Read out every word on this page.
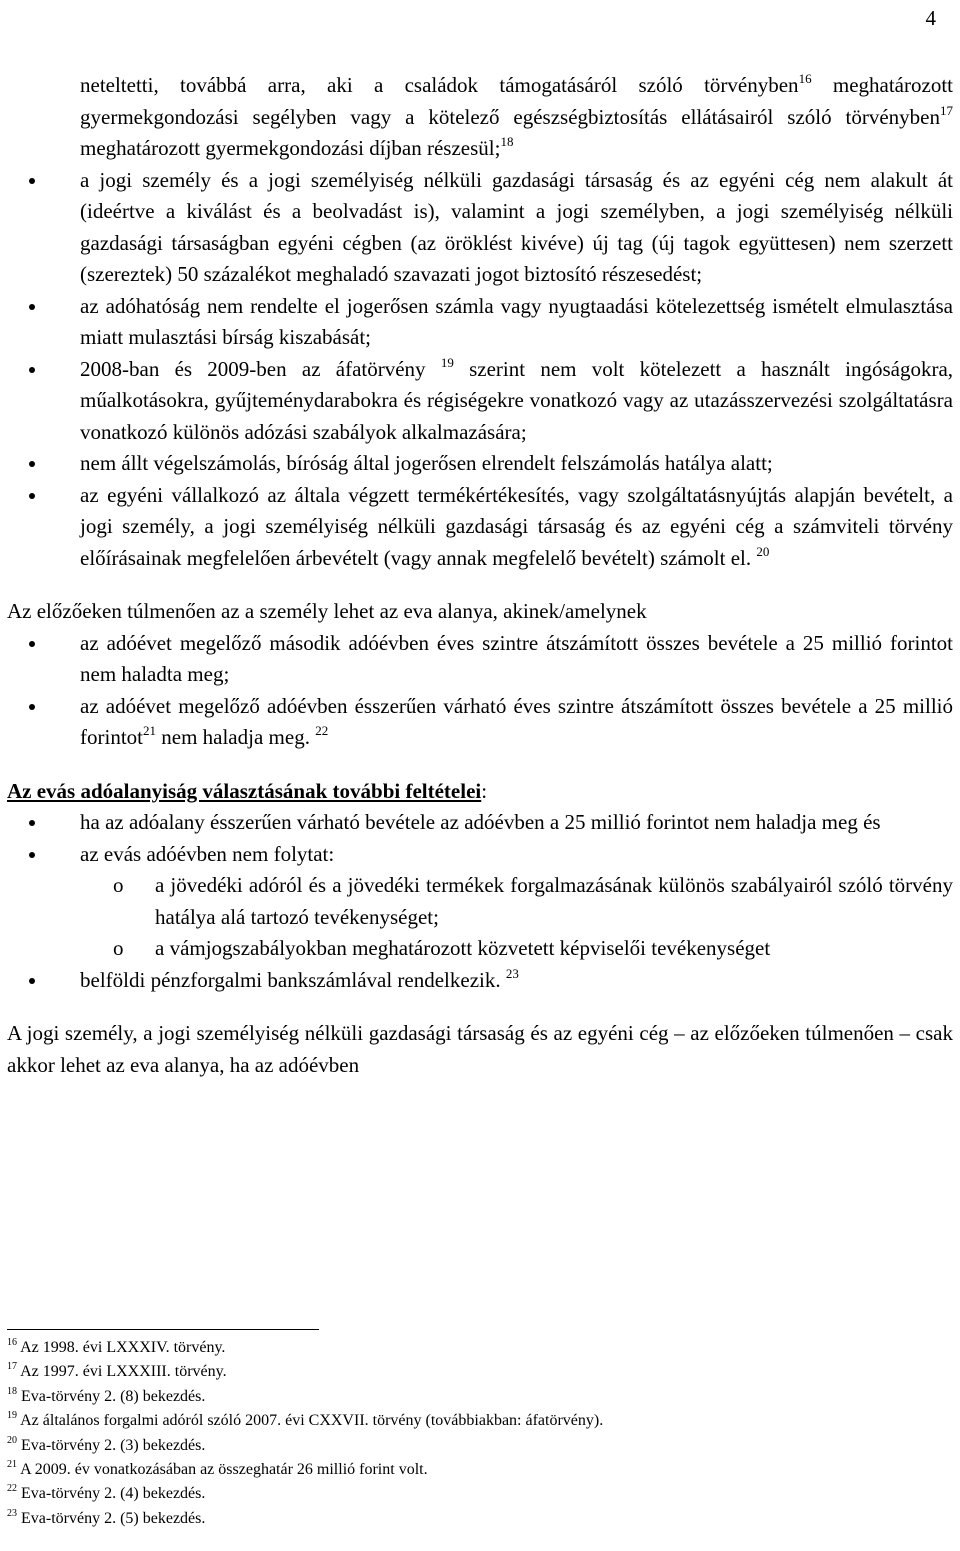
4

neteltetti, továbbá arra, aki a családok támogatásáról szóló törvényben$^{16}$ meghatározott gyermekgondozási segélyben vagy a kötelező egészségbiztosítás ellátásairól szóló törvényben$^{17}$ meghatározott gyermekgondozási díjban részesül;$^{18}$

a jogi személy és a jogi személyiség nélküli gazdasági társaság és az egyéni cég nem alakult át (ideértve a kiválást és a beolvadást is), valamint a jogi személyben, a jogi személyiség nélküli gazdasági társaságban egyéni cégben (az öröklést kivéve) új tag (új tagok együttesen) nem szerzett (szereztek) 50 százalékot meghaladó szavazati jogot biztosító részesedést;
az adóhatóság nem rendelte el jogerősen számla vagy nyugtaadási kötelezettség ismételt elmulasztása miatt mulasztási bírság kiszabását;
2008-ban és 2009-ben az áfatörvény $^{19}$ szerint nem volt kötelezett a használt ingóságokra, műalkotásokra, gyűjteménydarabokra és régiségekre vonatkozó vagy az utazásszervezési szolgáltatásra vonatkozó különös adózási szabályok alkalmazására;
nem állt végelszámolás, bíróság által jogerősen elrendelt felszámolás hatálya alatt;
az egyéni vállalkozó az általa végzett termékértékesítés, vagy szolgáltatásnyújtás alapján bevételt, a jogi személy, a jogi személyiség nélküli gazdasági társaság és az egyéni cég a számviteli törvény előírásainak megfelelően árbevételt (vagy annak megfelelő bevételt) számolt el. $^{20}$

Az előzőeken túlmenően az a személy lehet az eva alanya, akinek/amelynek

az adóévet megelőző második adóévben éves szintre átszámított összes bevétele a 25 millió forintot nem haladta meg;
az adóévet megelőző adóévben ésszerűen várható éves szintre átszámított összes bevétele a 25 millió forintot$^{21}$ nem haladja meg. $^{22}$

Az evás adóalanyiság választásának további feltételei:

ha az adóalany ésszerűen várható bevétele az adóévben a 25 millió forintot nem haladja meg és
az evás adóévben nem folytat:
o a jövedéki adóról és a jövedéki termékek forgalmazásának különös szabályairól szóló törvény hatálya alá tartozó tevékenységet;
o a vámjogszabályokban meghatározott közvetett képviselői tevékenységet
belföldi pénzforgalmi bankszámlával rendelkezik. $^{23}$

A jogi személy, a jogi személyiség nélküli gazdasági társaság és az egyéni cég – az előzőeken túlmenően – csak akkor lehet az eva alanya, ha az adóévben

$^{16}$ Az 1998. évi LXXXIV. törvény.
$^{17}$ Az 1997. évi LXXXIII. törvény.
$^{18}$ Eva-törvény 2. (8) bekezdés.
$^{19}$ Az általános forgalmi adóról szóló 2007. évi CXXVII. törvény (továbbiakban: áfatörvény).
$^{20}$ Eva-törvény 2. (3) bekezdés.
$^{21}$ A 2009. év vonatkozásában az összeghatár 26 millió forint volt.
$^{22}$ Eva-törvény 2. (4) bekezdés.
$^{23}$ Eva-törvény 2. (5) bekezdés.
